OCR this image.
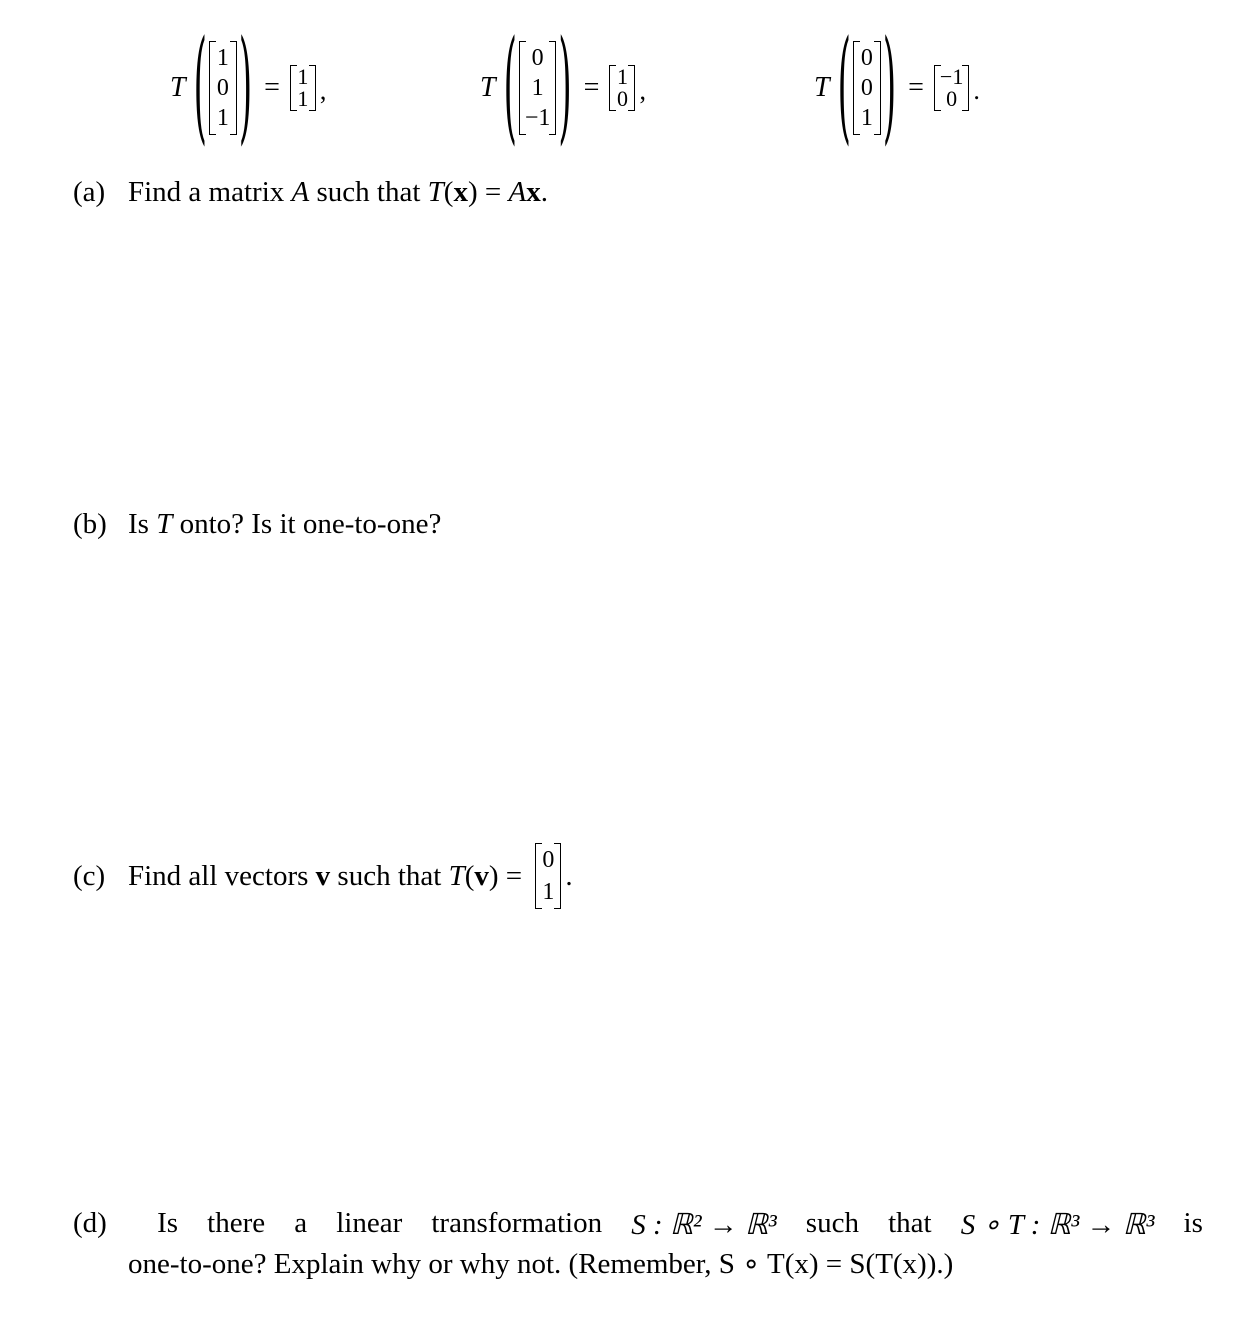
T ( 1
0
1 ) = 1
1 ,	T ( 0
1
−1 ) = 1
0 ,	T ( 0
0
1 ) = −1
0 .
(a) Find a matrix A such that T(x) = Ax.
(b) Is T onto? Is it one-to-one?
(c) Find all vectors v such that T ( v ) = 0
1
.
(d)	Is there a linear transformation S : ℝ² → ℝ³ such that S ∘ T : ℝ³ → ℝ³ is
one-to-one? Explain why or why not. (Remember, S ∘ T(x) = S(T(x)).)
